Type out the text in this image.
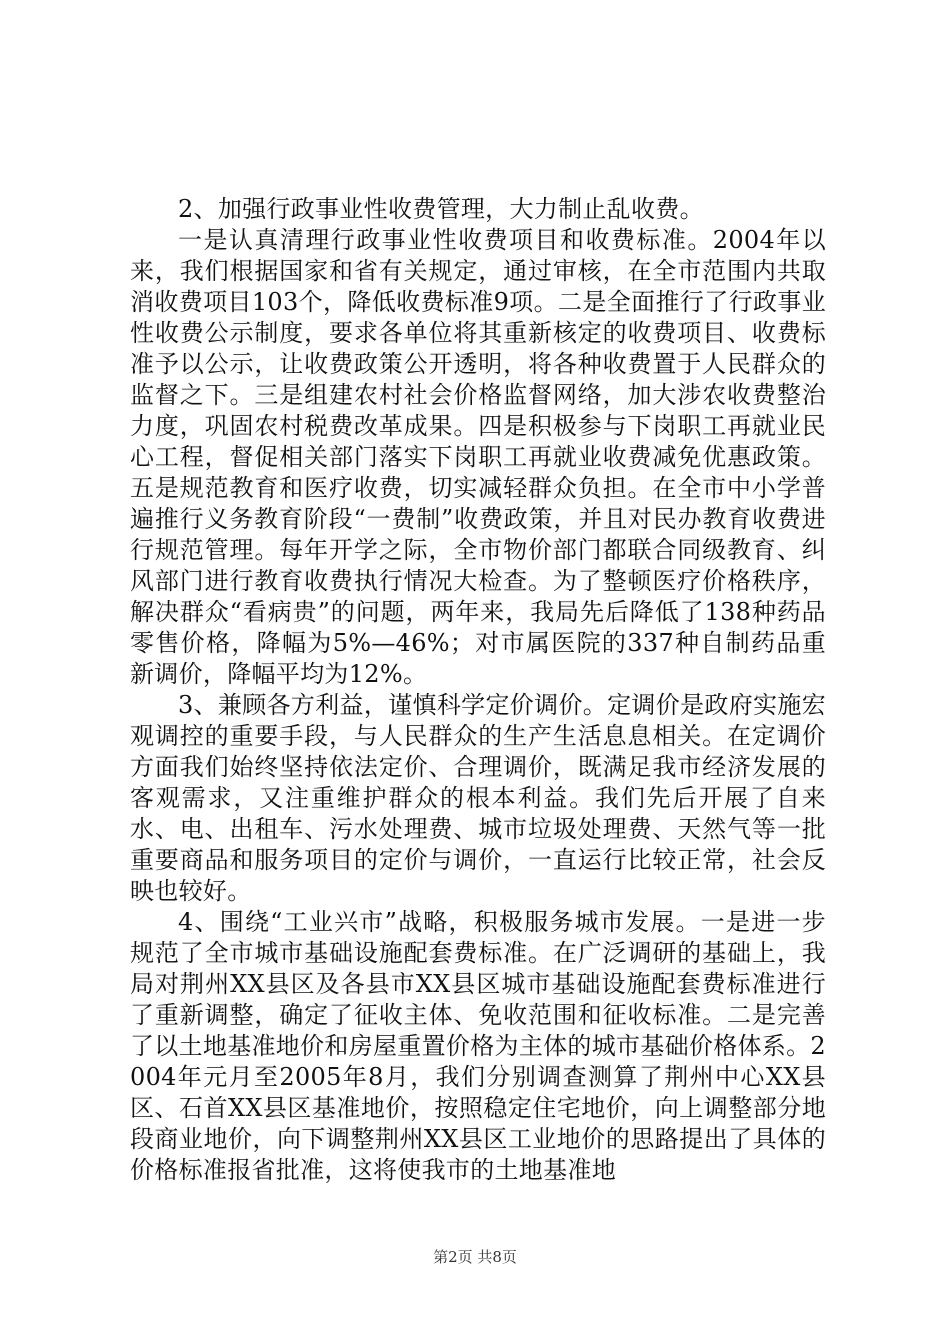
2、加强行政事业性收费管理，大力制止乱收费。

一是认真清理行政事业性收费项目和收费标准。2004年以来，我们根据国家和省有关规定，通过审核，在全市范围内共取消收费项目103个，降低收费标准9项。二是全面推行了行政事业性收费公示制度，要求各单位将其重新核定的收费项目、收费标准予以公示，让收费政策公开透明，将各种收费置于人民群众的监督之下。三是组建农村社会价格监督网络，加大涉农收费整治力度，巩固农村税费改革成果。四是积极参与下岗职工再就业民心工程，督促相关部门落实下岗职工再就业收费减免优惠政策。五是规范教育和医疗收费，切实减轻群众负担。在全市中小学普遍推行义务教育阶段“一费制”收费政策，并且对民办教育收费进行规范管理。每年开学之际，全市物价部门都联合同级教育、纠风部门进行教育收费执行情况大检查。为了整顿医疗价格秩序，解决群众“看病贵”的问题，两年来，我局先后降低了138种药品零售价格，降幅为5%—46%；对市属医院的337种自制药品重新调价，降幅平均为12%。

3、兼顾各方利益，谨慎科学定价调价。定调价是政府实施宏观调控的重要手段，与人民群众的生产生活息息相关。在定调价方面我们始终坚持依法定价、合理调价，既满足我市经济发展的客观需求，又注重维护群众的根本利益。我们先后开展了自来水、电、出租车、污水处理费、城市垃圾处理费、天然气等一批重要商品和服务项目的定价与调价，一直运行比较正常，社会反映也较好。

4、围绕“工业兴市”战略，积极服务城市发展。一是进一步规范了全市城市基础设施配套费标准。在广泛调研的基础上，我局对荆州XX县区及各县市XX县区城市基础设施配套费标准进行了重新调整，确定了征收主体、免收范围和征收标准。二是完善了以土地基准地价和房屋重置价格为主体的城市基础价格体系。2004年元月至2005年8月，我们分别调查测算了荆州中心XX县区、石首XX县区基准地价，按照稳定住宅地价，向上调整部分地段商业地价，向下调整荆州XX县区工业地价的思路提出了具体的价格标准报省批准，这将使我市的土地基准地

第2页 共8页
